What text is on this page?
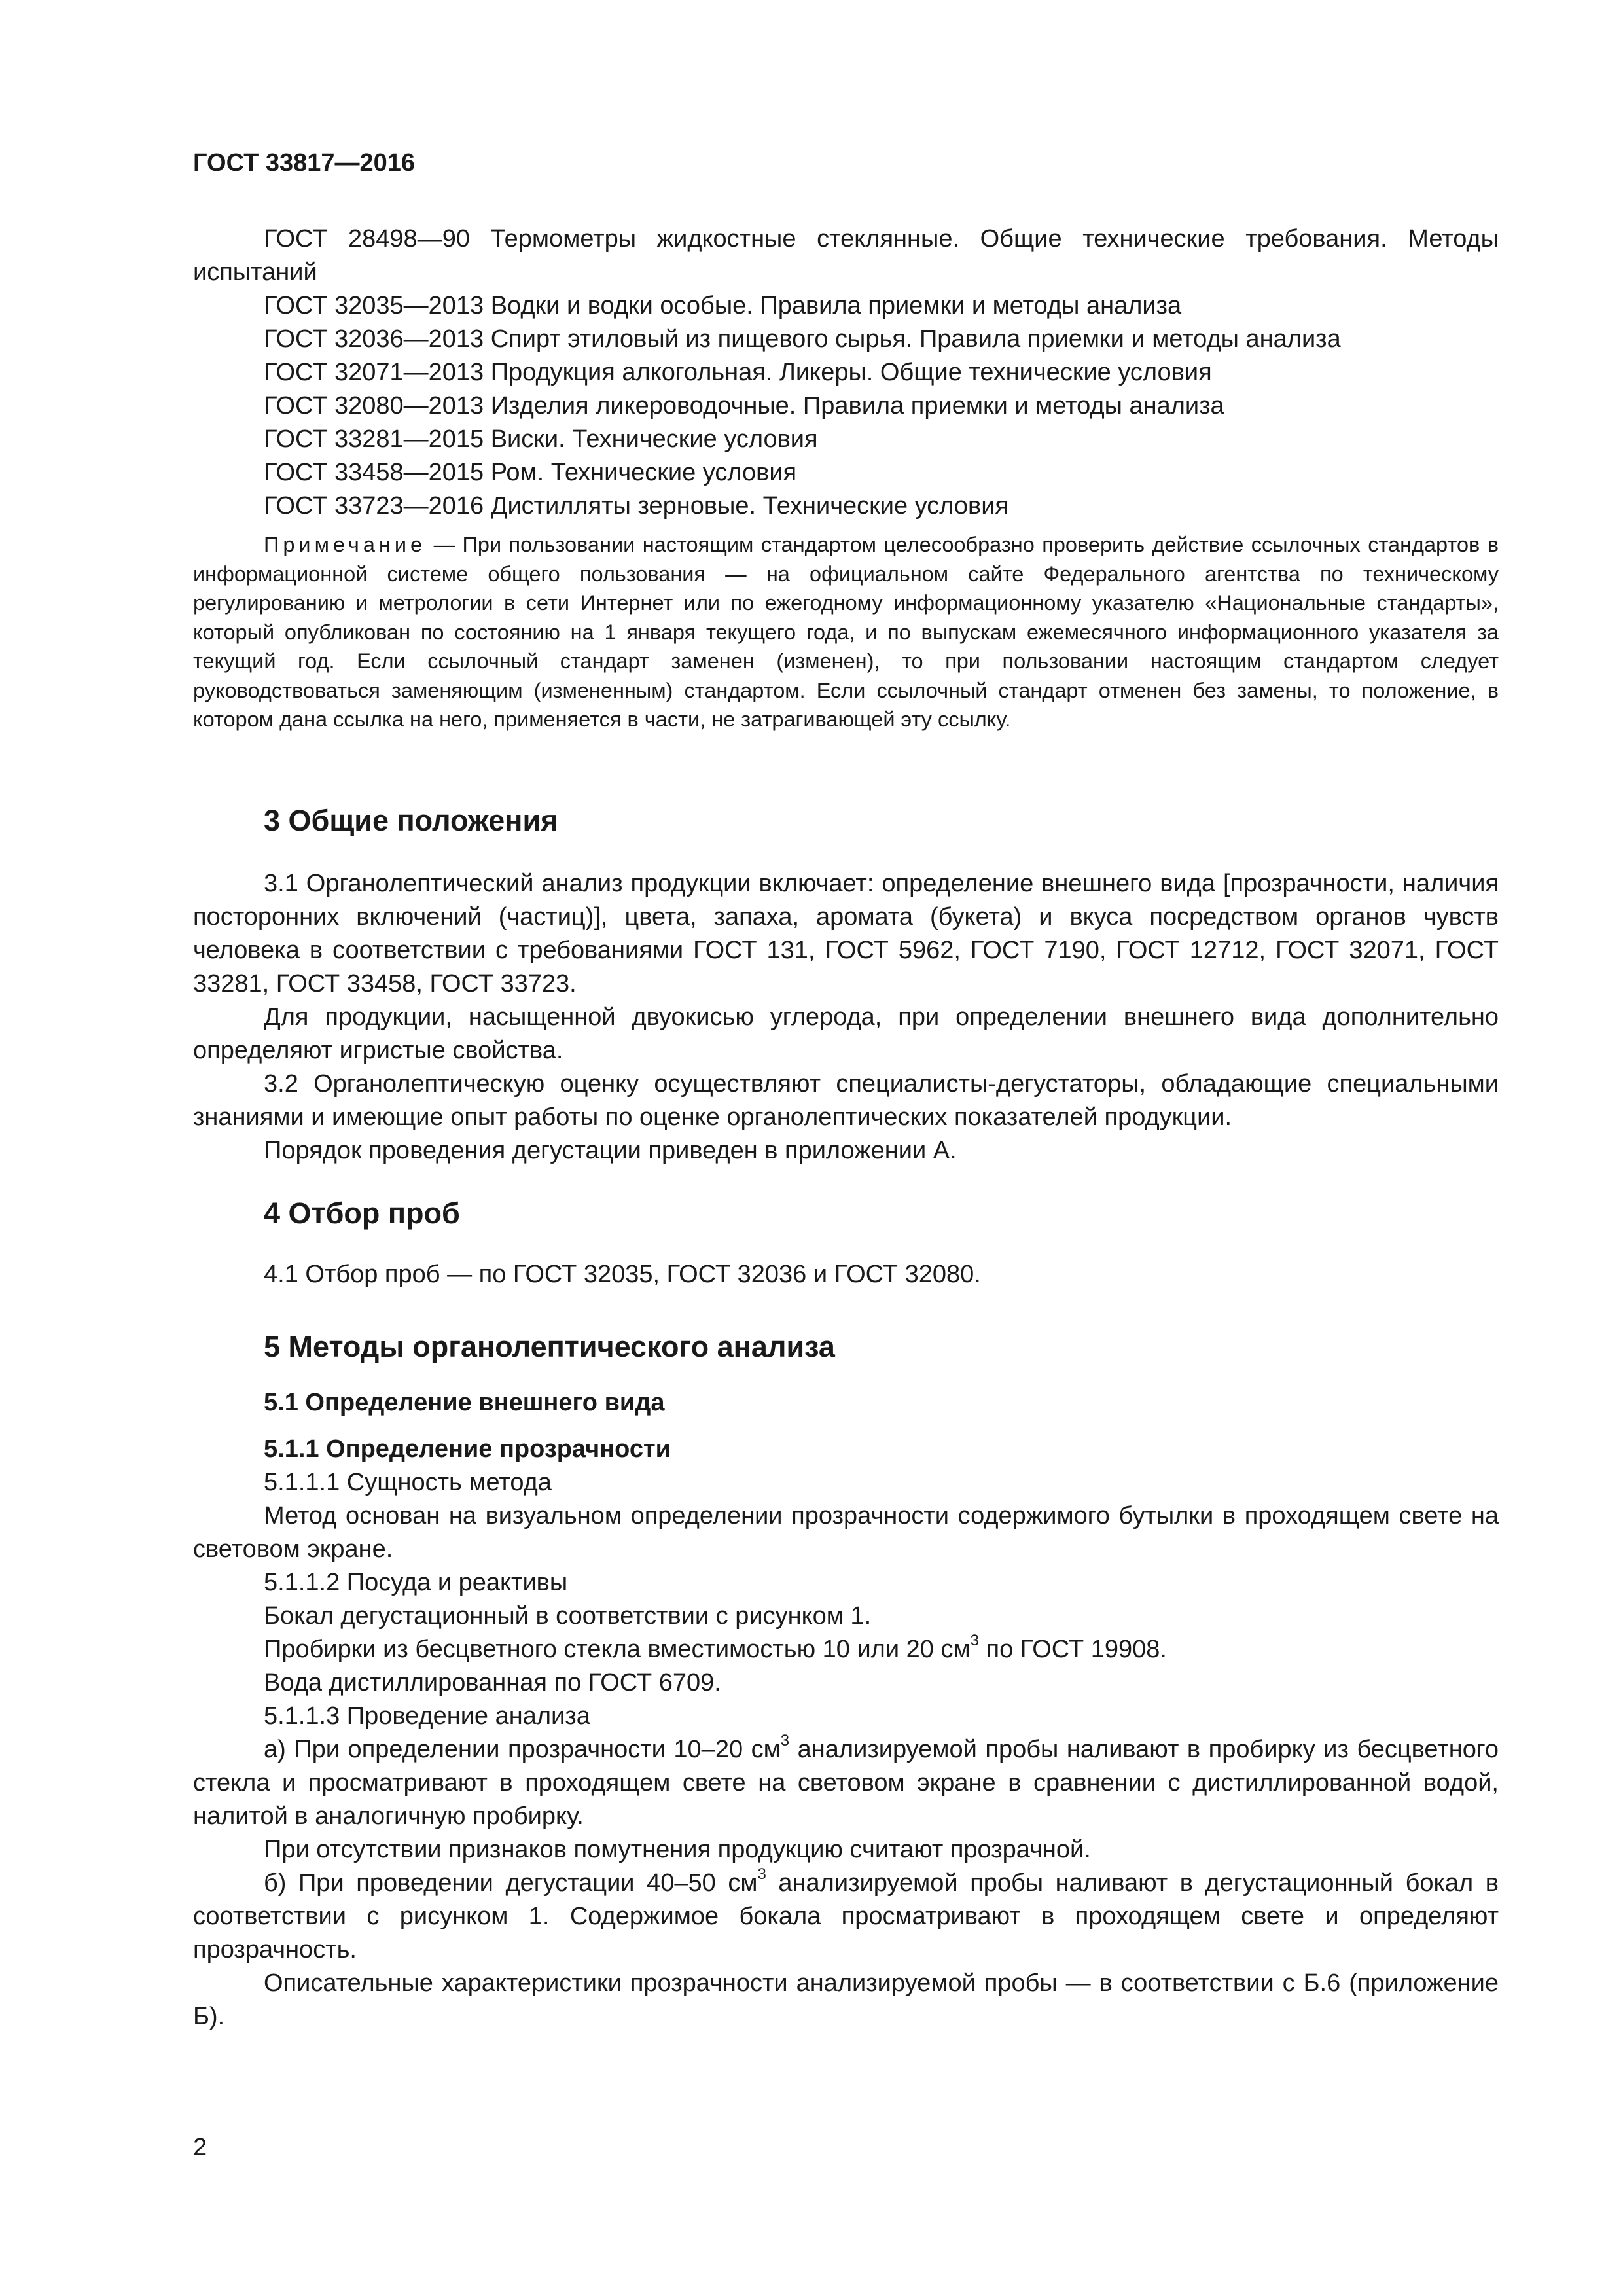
ГОСТ 33817—2016

ГОСТ 28498—90 Термометры жидкостные стеклянные. Общие технические требования. Методы испытаний

ГОСТ 32035—2013 Водки и водки особые. Правила приемки и методы анализа

ГОСТ 32036—2013 Спирт этиловый из пищевого сырья. Правила приемки и методы анализа

ГОСТ 32071—2013 Продукция алкогольная. Ликеры. Общие технические условия

ГОСТ 32080—2013 Изделия ликероводочные. Правила приемки и методы анализа

ГОСТ 33281—2015 Виски. Технические условия

ГОСТ 33458—2015 Ром. Технические условия

ГОСТ 33723—2016 Дистилляты зерновые. Технические условия

Примечание — При пользовании настоящим стандартом целесообразно проверить действие ссылочных стандартов в информационной системе общего пользования — на официальном сайте Федерального агентства по техническому регулированию и метрологии в сети Интернет или по ежегодному информационному указателю «Национальные стандарты», который опубликован по состоянию на 1 января текущего года, и по выпускам ежемесячного информационного указателя за текущий год. Если ссылочный стандарт заменен (изменен), то при пользовании настоящим стандартом следует руководствоваться заменяющим (измененным) стандартом. Если ссылочный стандарт отменен без замены, то положение, в котором дана ссылка на него, применяется в части, не затрагивающей эту ссылку.
3 Общие положения

3.1 Органолептический анализ продукции включает: определение внешнего вида [прозрачности, наличия посторонних включений (частиц)], цвета, запаха, аромата (букета) и вкуса посредством органов чувств человека в соответствии с требованиями ГОСТ 131, ГОСТ 5962, ГОСТ 7190, ГОСТ 12712, ГОСТ 32071, ГОСТ 33281, ГОСТ 33458, ГОСТ 33723.

Для продукции, насыщенной двуокисью углерода, при определении внешнего вида дополнительно определяют игристые свойства.

3.2 Органолептическую оценку осуществляют специалисты-дегустаторы, обладающие специальными знаниями и имеющие опыт работы по оценке органолептических показателей продукции.

Порядок проведения дегустации приведен в приложении А.

4 Отбор проб

4.1 Отбор проб — по ГОСТ 32035, ГОСТ 32036 и ГОСТ 32080.

5 Методы органолептического анализа
5.1 Определение внешнего вида
5.1.1 Определение прозрачности

5.1.1.1 Сущность метода

Метод основан на визуальном определении прозрачности содержимого бутылки в проходящем свете на световом экране.

5.1.1.2 Посуда и реактивы

Бокал дегустационный в соответствии с рисунком 1.

Пробирки из бесцветного стекла вместимостью 10 или 20 $см^3$ по ГОСТ 19908.

Вода дистиллированная по ГОСТ 6709.

5.1.1.3 Проведение анализа

а) При определении прозрачности 10–20 $см^3$ анализируемой пробы наливают в пробирку из бесцветного стекла и просматривают в проходящем свете на световом экране в сравнении с дистиллированной водой, налитой в аналогичную пробирку.

При отсутствии признаков помутнения продукцию считают прозрачной.

б) При проведении дегустации 40–50 $см^3$ анализируемой пробы наливают в дегустационный бокал в соответствии с рисунком 1. Содержимое бокала просматривают в проходящем свете и определяют прозрачность.

Описательные характеристики прозрачности анализируемой пробы — в соответствии с Б.6 (приложение Б).

2
